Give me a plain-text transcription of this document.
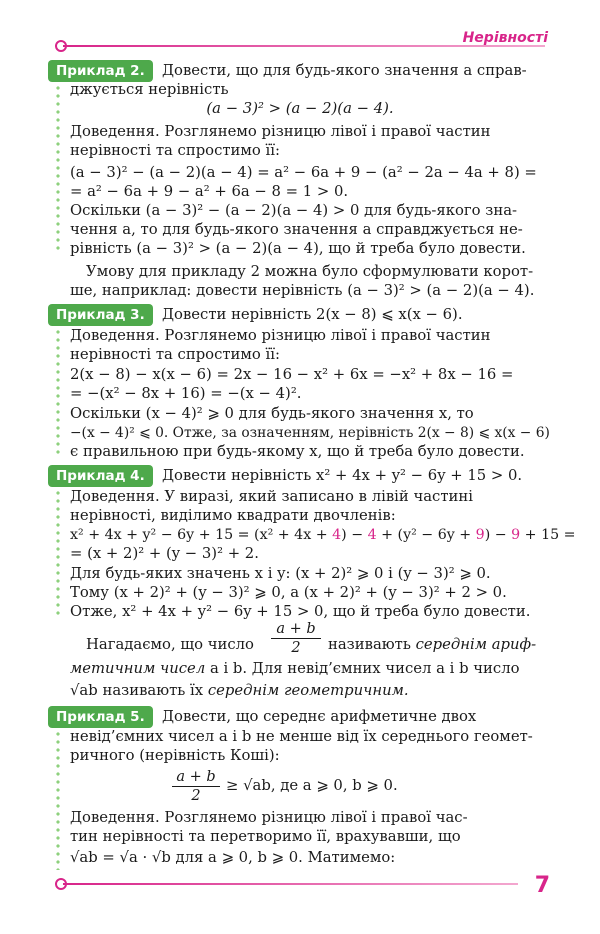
Нерівності
Приклад 2.	Довести, що для будь-якого значення a справ-
джується нерівність
(a − 3)² > (a − 2)(a − 4).
Доведення. Розглянемо різницю лівої і правої частин
нерівності та спростимо її:
(a − 3)² − (a − 2)(a − 4) = a² − 6a + 9 − (a² − 2a − 4a + 8) =
= a² − 6a + 9 − a² + 6a − 8 = 1 > 0.
Оскільки (a − 3)² − (a − 2)(a − 4) > 0 для будь-якого зна-
чення a, то для будь-якого значення a справджується не-
рівність (a − 3)² > (a − 2)(a − 4), що й треба було довести.
Умову для прикладу 2 можна було сформулювати корот-
ше, наприклад: довести нерівність (a − 3)² > (a − 2)(a − 4).
Приклад 3.	Довести нерівність 2(x − 8) ⩽ x(x − 6).
Доведення. Розглянемо різницю лівої і правої частин
нерівності та спростимо її:
2(x − 8) − x(x − 6) = 2x − 16 − x² + 6x = −x² + 8x − 16 =
= −(x² − 8x + 16) = −(x − 4)².
Оскільки (x − 4)² ⩾ 0 для будь-якого значення x, то
−(x − 4)² ⩽ 0. Отже, за означенням, нерівність 2(x − 8) ⩽ x(x − 6)
є правильною при будь-якому x, що й треба було довести.
Приклад 4.	Довести нерівність x² + 4x + y² − 6y + 15 > 0.
Доведення. У виразі, який записано в лівій частині
нерівності, виділимо квадрати двочленів:
x² + 4x + y² − 6y + 15 = (x² + 4x + 4) − 4 + (y² − 6y + 9) − 9 + 15 =
= (x + 2)² + (y − 3)² + 2.
Для будь-яких значень x і y: (x + 2)² ⩾ 0 і (y − 3)² ⩾ 0.
Тому (x + 2)² + (y − 3)² ⩾ 0, а (x + 2)² + (y − 3)² + 2 > 0.
Отже, x² + 4x + y² − 6y + 15 > 0, що й треба було довести.
Нагадаємо, що число $\frac{a + b}{2}$ називають середнім ариф-
метичним чисел a і b. Для невід’ємних чисел a і b число
√ab називають їх середнім геометричним.
Приклад 5.	Довести, що середнє арифметичне двох
невід’ємних чисел a і b не менше від їх середнього геомет-
ричного (нерівність Коші):
$\frac{a + b}{2} \ge √ab$, де a ⩾ 0, b ⩾ 0.
Доведення. Розглянемо різницю лівої і правої час-
тин нерівності та перетворимо її, врахувавши, що
√ab = √a · √b для a ⩾ 0, b ⩾ 0. Матимемо:
7
